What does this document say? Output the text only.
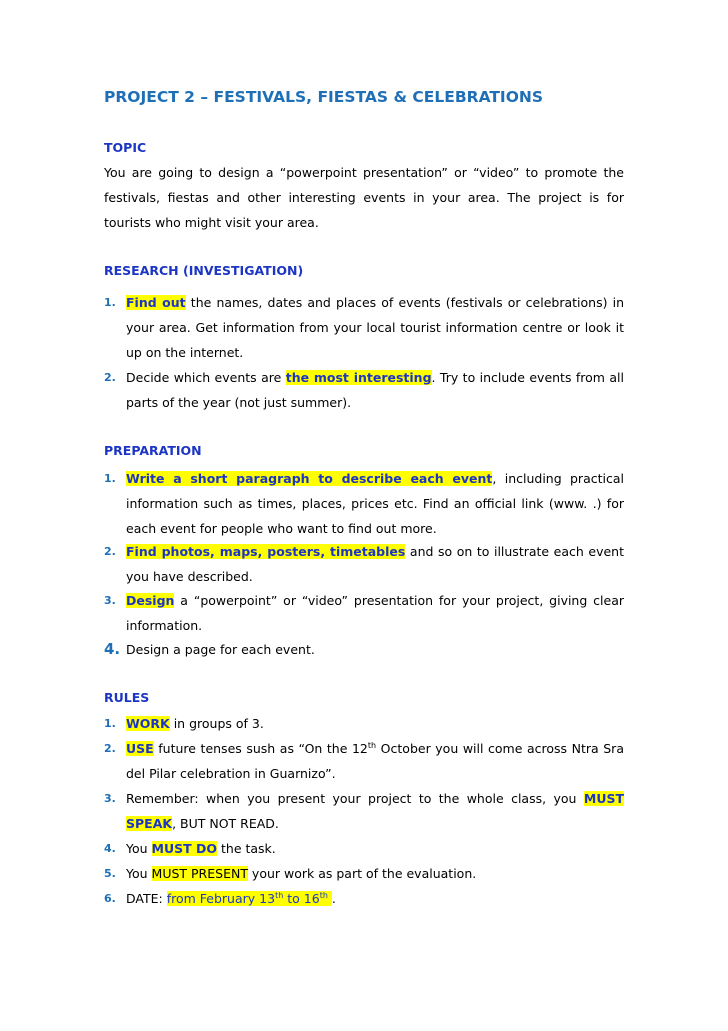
PROJECT 2 – FESTIVALS, FIESTAS & CELEBRATIONS
TOPIC
You are going to design a “powerpoint presentation” or “video” to promote the festivals, fiestas and other interesting events in your area. The project is for tourists who might visit your area.
RESEARCH (INVESTIGATION)
1. Find out the names, dates and places of events (festivals or celebrations) in your area. Get information from your local tourist information centre or look it up on the internet.
2. Decide which events are the most interesting. Try to include events from all parts of the year (not just summer).
PREPARATION
1. Write a short paragraph to describe each event, including practical information such as times, places, prices etc. Find an official link (www. .) for each event for people who want to find out more.
2. Find photos, maps, posters, timetables and so on to illustrate each event you have described.
3. Design a “powerpoint” or “video” presentation for your project, giving clear information.
4. Design a page for each event.
RULES
1. WORK in groups of 3.
2. USE future tenses sush as “On the 12th October you will come across Ntra Sra del Pilar celebration in Guarnizo”.
3. Remember: when you present your project to the whole class, you MUST SPEAK, BUT NOT READ.
4. You MUST DO the task.
5. You MUST PRESENT your work as part of the evaluation.
6. DATE: from February 13th to 16th .
